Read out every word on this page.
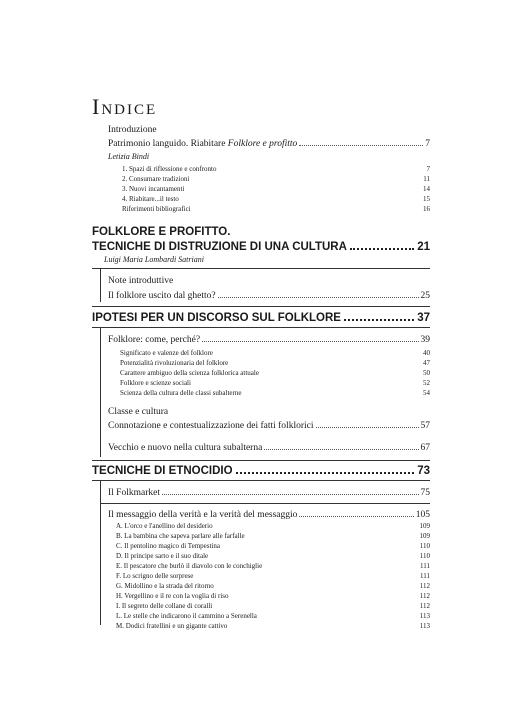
Indice
Introduzione
Patrimonio languido. Riabitare Folklore e profitto	7
Letizia Bindi
1. Spazi di riflessione e confronto	7
2. Consumare tradizioni	11
3. Nuovi incantamenti	14
4. Riabitare...il testo	15
Riferimenti bibliografici	16
FOLKLORE E PROFITTO.
TECNICHE DI DISTRUZIONE DI UNA CULTURA	21
Luigi Maria Lombardi Satriani
Note introduttive
Il folklore uscito dal ghetto?	25
IPOTESI PER UN DISCORSO SUL FOLKLORE	37
Folklore: come, perché?	39
Significato e valenze del folklore	40
Potenzialità rivoluzionaria del folklore	47
Carattere ambiguo della scienza folklorica attuale	50
Folklore e scienze sociali	52
Scienza della cultura delle classi subalterne	54
Classe e cultura
Connotazione e contestualizzazione dei fatti folklorici	57
Vecchio e nuovo nella cultura subalterna	67
TECNICHE DI ETNOCIDIO	73
Il Folkmarket	75
Il messaggio della verità e la verità del messaggio	105
A. L'orco e l'anellino del desiderio	109
B. La bambina che sapeva parlare alle farfalle	109
C. Il pentolino magico di Tempestina	110
D. Il principe sarto e il suo ditale	110
E. Il pescatore che burlò il diavolo con le conchiglie	111
F. Lo scrigno delle sorprese	111
G. Midollino e la strada del ritorno	112
H. Vergellino e il re con la voglia di riso	112
I. Il segreto delle collane di coralli	112
L. Le stelle che indicarono il cammino a Serenella	113
M. Dodici fratellini e un gigante cattivo	113
